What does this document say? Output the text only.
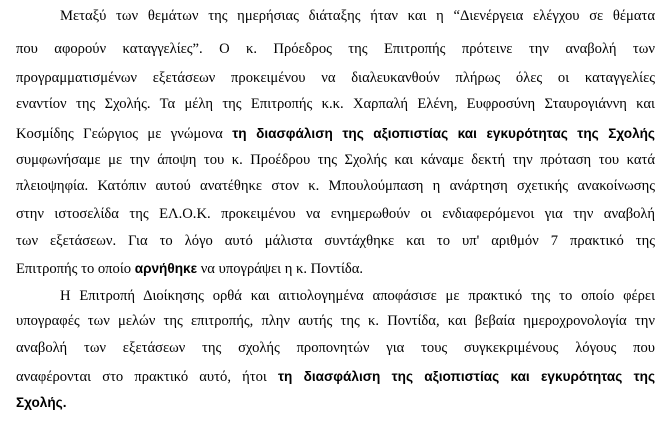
Μεταξύ των θεμάτων της ημερήσιας διάταξης ήταν και η “Διενέργεια ελέγχου σε θέματα
που αφορούν καταγγελίες”. Ο κ. Πρόεδρος της Επιτροπής πρότεινε την αναβολή των
προγραμματισμένων εξετάσεων προκειμένου να διαλευκανθούν πλήρως όλες οι καταγγελίες
εναντίον της Σχολής. Τα μέλη της Επιτροπής κ.κ. Χαρπαλή Ελένη, Ευφροσύνη Σταυρογιάννη και
Κοσμίδης Γεώργιος με γνώμονα τη διασφάλιση της αξιοπιστίας και εγκυρότητας της Σχολής
συμφωνήσαμε με την άποψη του κ. Προέδρου της Σχολής και κάναμε δεκτή την πρόταση του κατά
πλειοψηφία. Κατόπιν αυτού ανατέθηκε στον κ. Μπουλούμπαση η ανάρτηση σχετικής ανακοίνωσης
στην ιστοσελίδα της ΕΛ.Ο.Κ. προκειμένου να ενημερωθούν οι ενδιαφερόμενοι για την αναβολή
των εξετάσεων. Για το λόγο αυτό μάλιστα συντάχθηκε και το υπ' αριθμόν 7 πρακτικό της
Επιτροπής το οποίο αρνήθηκε να υπογράψει η κ. Ποντίδα.
Η Επιτροπή Διοίκησης ορθά και αιτιολογημένα αποφάσισε με πρακτικό της το οποίο φέρει
υπογραφές των μελών της επιτροπής, πλην αυτής της κ. Ποντίδα, και βεβαία ημεροχρονολογία την
αναβολή των εξετάσεων της σχολής προπονητών για τους συγκεκριμένους λόγους που
αναφέρονται στο πρακτικό αυτό, ήτοι τη διασφάλιση της αξιοπιστίας και εγκυρότητας της
Σχολής.
